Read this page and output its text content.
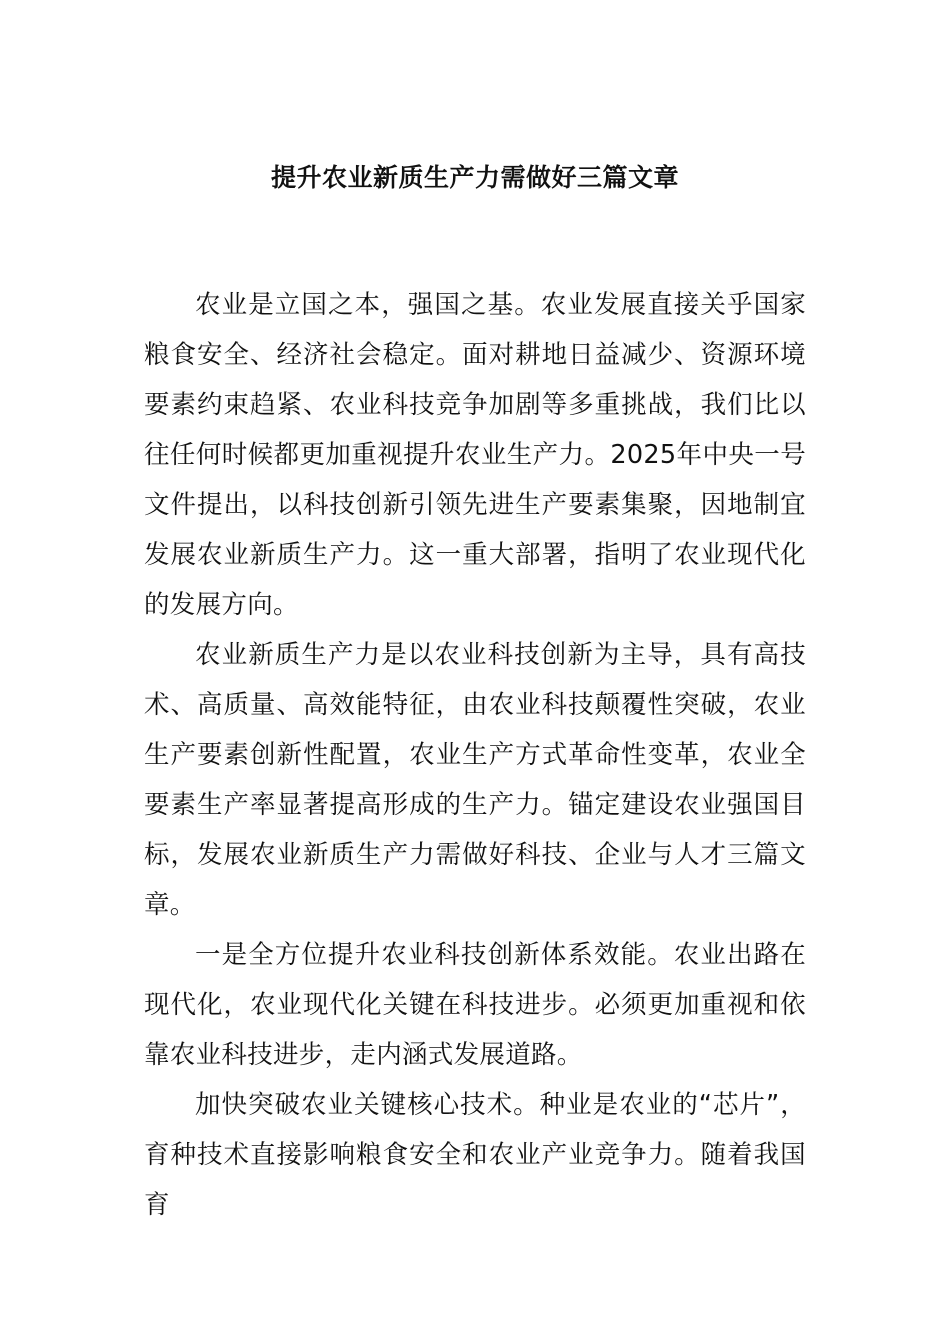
提升农业新质生产力需做好三篇文章

农业是立国之本，强国之基。农业发展直接关乎国家粮食安全、经济社会稳定。面对耕地日益减少、资源环境要素约束趋紧、农业科技竞争加剧等多重挑战，我们比以往任何时候都更加重视提升农业生产力。2025年中央一号文件提出，以科技创新引领先进生产要素集聚，因地制宜发展农业新质生产力。这一重大部署，指明了农业现代化的发展方向。

农业新质生产力是以农业科技创新为主导，具有高技术、高质量、高效能特征，由农业科技颠覆性突破，农业生产要素创新性配置，农业生产方式革命性变革，农业全要素生产率显著提高形成的生产力。锚定建设农业强国目标，发展农业新质生产力需做好科技、企业与人才三篇文章。

一是全方位提升农业科技创新体系效能。农业出路在现代化，农业现代化关键在科技进步。必须更加重视和依靠农业科技进步，走内涵式发展道路。

加快突破农业关键核心技术。种业是农业的“芯片”，育种技术直接影响粮食安全和农业产业竞争力。随着我国育
